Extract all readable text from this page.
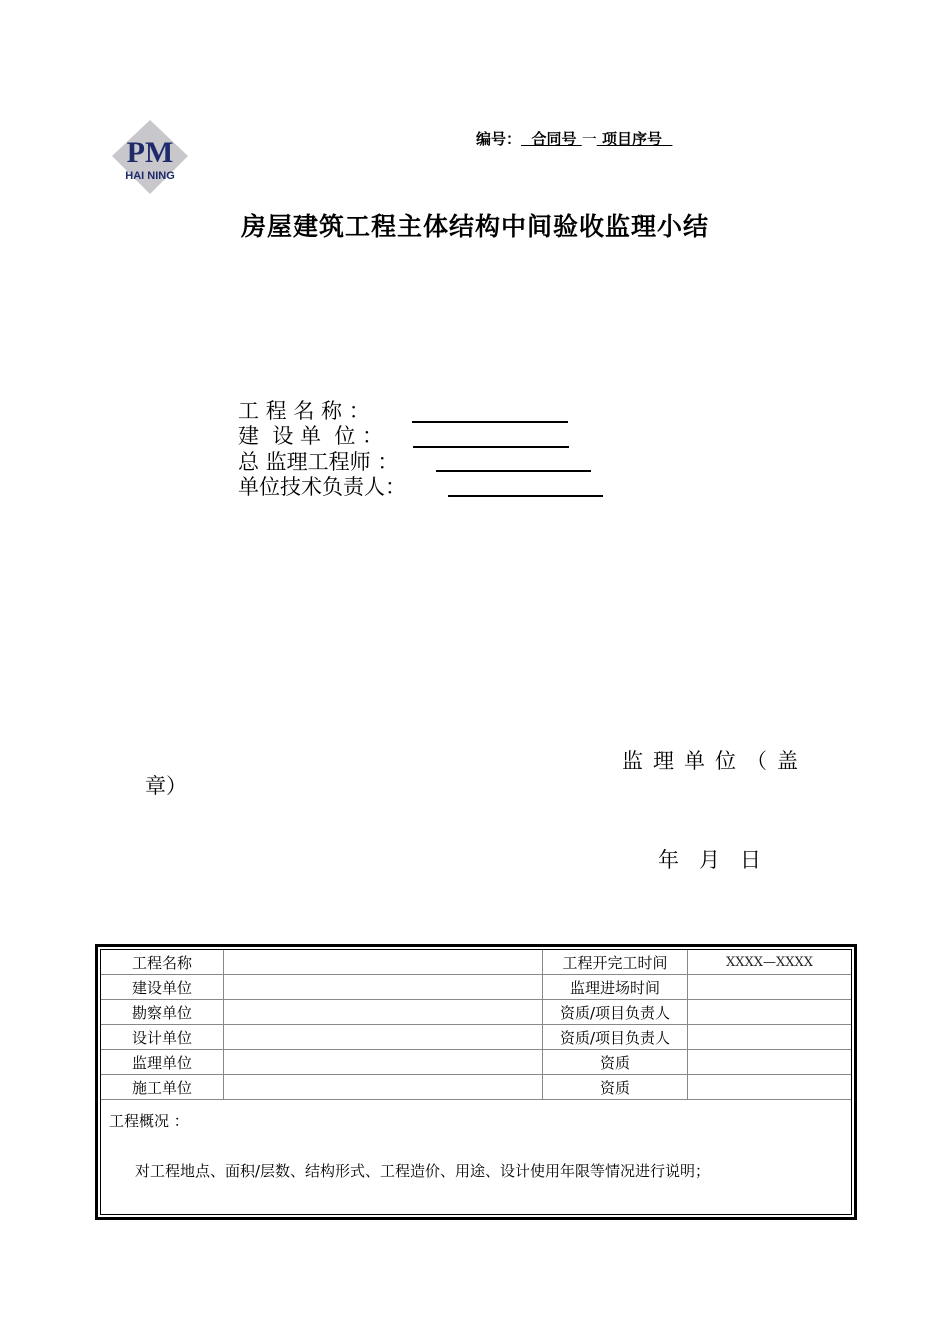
PM
HAI NING
编号： 合同号 一 项目序号
房屋建筑工程主体结构中间验收监理小结
工 程 名 称 ：
建  设 单  位 ：
总 监理工程师 ：
单位技术负责人：
监理单位（盖
章）
年   月   日
工程名称		工程开完工时间	XXXX—XXXX
建设单位		监理进场时间	
勘察单位		资质/项目负责人	
设计单位		资质/项目负责人	
监理单位		资质	
施工单位		资质	
工程概况 ：
对工程地点、面积/层数、结构形式、工程造价、用途、设计使用年限等情况进行说明；
